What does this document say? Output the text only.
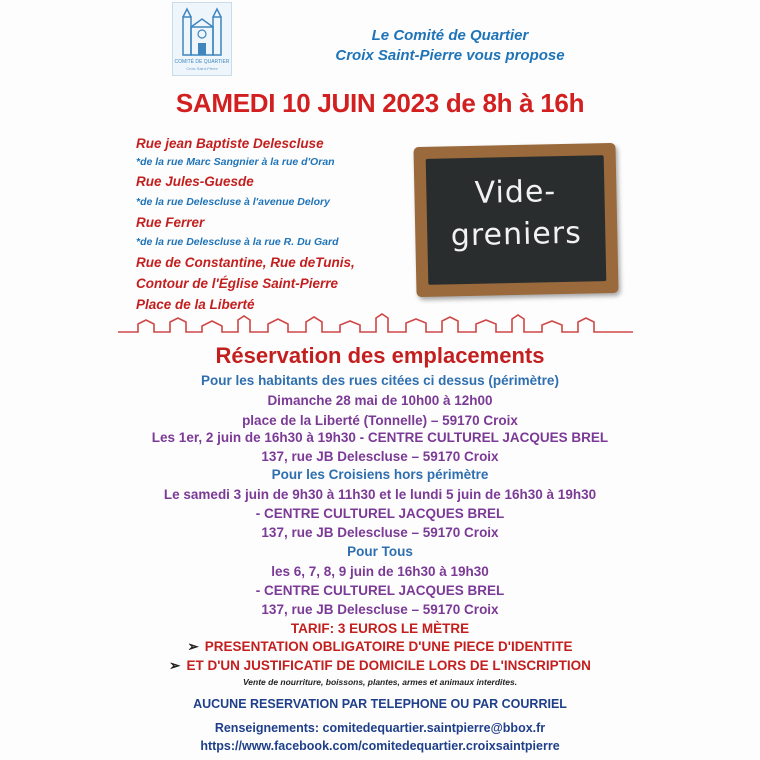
COMITÉ DE QUARTIER
Croix Saint-Pierre
Le Comité de Quartier
Croix Saint-Pierre vous propose
SAMEDI 10 JUIN 2023 de 8h à 16h
Rue jean Baptiste Delescluse
*de la rue Marc Sangnier à la rue d'Oran
Rue Jules-Guesde
*de la rue Delescluse à l'avenue Delory
Rue Ferrer
*de la rue Delescluse à la rue R. Du Gard
Rue de Constantine, Rue deTunis,
Contour de l'Église Saint-Pierre
Place de la Liberté
Vide-
greniers
Réservation des emplacements
Pour les habitants des rues citées ci dessus (périmètre)
Dimanche 28 mai de 10h00 à 12h00
place de la Liberté (Tonnelle) – 59170 Croix
Les 1er, 2 juin de 16h30 à 19h30 - CENTRE CULTUREL JACQUES BREL
137, rue JB Delescluse – 59170 Croix
Pour les Croisiens hors périmètre
Le samedi 3 juin de 9h30 à 11h30 et le lundi 5 juin de 16h30 à 19h30
- CENTRE CULTUREL JACQUES BREL
137, rue JB Delescluse – 59170 Croix
Pour Tous
les 6, 7, 8, 9 juin de 16h30 à 19h30
- CENTRE CULTUREL JACQUES BREL
137, rue JB Delescluse – 59170 Croix
TARIF: 3 EUROS LE MÈTRE
➢ PRESENTATION OBLIGATOIRE D'UNE PIECE D'IDENTITE
➢ ET D'UN JUSTIFICATIF DE DOMICILE LORS DE L'INSCRIPTION
Vente de nourriture, boissons, plantes, armes et animaux interdites.
AUCUNE RESERVATION PAR TELEPHONE OU PAR COURRIEL
Renseignements: comitedequartier.saintpierre@bbox.fr
https://www.facebook.com/comitedequartier.croixsaintpierre
